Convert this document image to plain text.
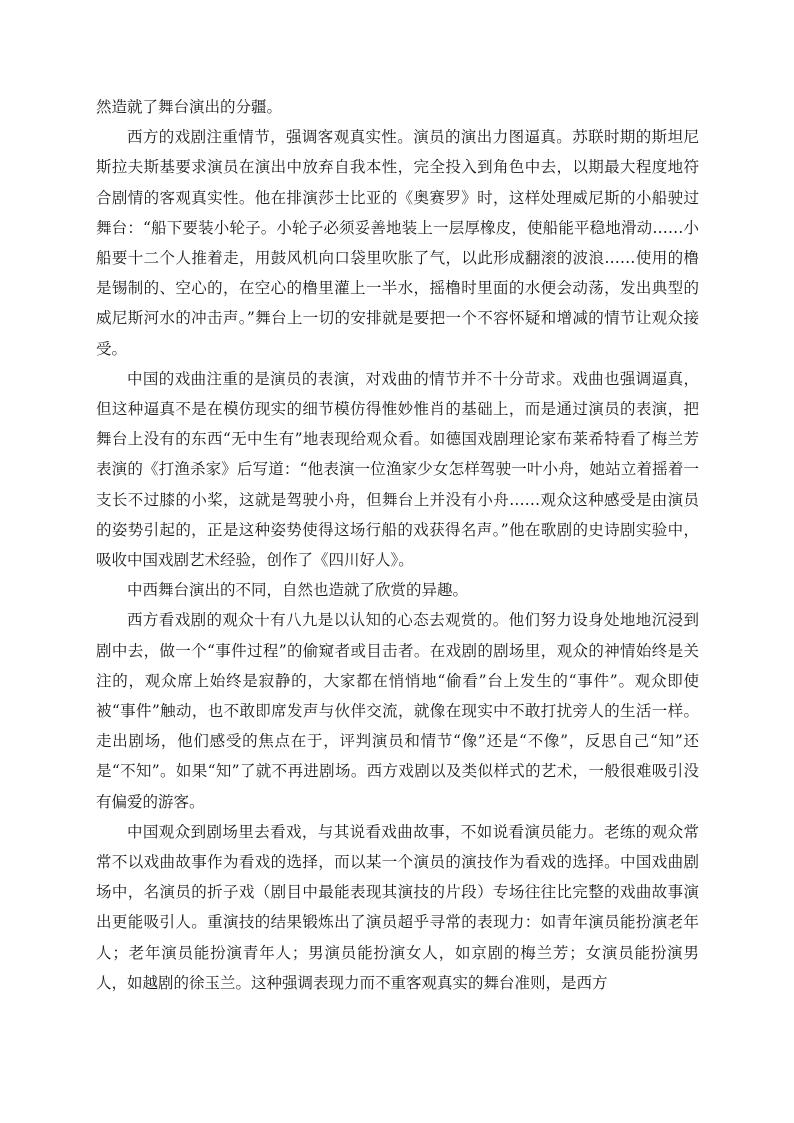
然造就了舞台演出的分疆。

西方的戏剧注重情节，强调客观真实性。演员的演出力图逼真。苏联时期的斯坦尼斯拉夫斯基要求演员在演出中放弃自我本性，完全投入到角色中去，以期最大程度地符合剧情的客观真实性。他在排演莎士比亚的《奥赛罗》时，这样处理威尼斯的小船驶过舞台：“船下要装小轮子。小轮子必须妥善地装上一层厚橡皮，使船能平稳地滑动……小船要十二个人推着走，用鼓风机向口袋里吹胀了气，以此形成翻滚的波浪……使用的橹是锡制的、空心的，在空心的橹里灌上一半水，摇橹时里面的水便会动荡，发出典型的威尼斯河水的冲击声。”舞台上一切的安排就是要把一个不容怀疑和增减的情节让观众接受。

中国的戏曲注重的是演员的表演，对戏曲的情节并不十分苛求。戏曲也强调逼真，但这种逼真不是在模仿现实的细节模仿得惟妙惟肖的基础上，而是通过演员的表演，把舞台上没有的东西“无中生有”地表现给观众看。如德国戏剧理论家布莱希特看了梅兰芳表演的《打渔杀家》后写道：“他表演一位渔家少女怎样驾驶一叶小舟，她站立着摇着一支长不过膝的小桨，这就是驾驶小舟，但舞台上并没有小舟……观众这种感受是由演员的姿势引起的，正是这种姿势使得这场行船的戏获得名声。”他在歌剧的史诗剧实验中，吸收中国戏剧艺术经验，创作了《四川好人》。

中西舞台演出的不同，自然也造就了欣赏的异趣。

西方看戏剧的观众十有八九是以认知的心态去观赏的。他们努力设身处地地沉浸到剧中去，做一个“事件过程”的偷窥者或目击者。在戏剧的剧场里，观众的神情始终是关注的，观众席上始终是寂静的，大家都在悄悄地“偷看”台上发生的“事件”。观众即使被“事件”触动，也不敢即席发声与伙伴交流，就像在现实中不敢打扰旁人的生活一样。走出剧场，他们感受的焦点在于，评判演员和情节“像”还是“不像”，反思自己“知”还是“不知”。如果“知”了就不再进剧场。西方戏剧以及类似样式的艺术，一般很难吸引没有偏爱的游客。

中国观众到剧场里去看戏，与其说看戏曲故事，不如说看演员能力。老练的观众常常不以戏曲故事作为看戏的选择，而以某一个演员的演技作为看戏的选择。中国戏曲剧场中，名演员的折子戏（剧目中最能表现其演技的片段）专场往往比完整的戏曲故事演出更能吸引人。重演技的结果锻炼出了演员超乎寻常的表现力：如青年演员能扮演老年人；老年演员能扮演青年人；男演员能扮演女人，如京剧的梅兰芳；女演员能扮演男人，如越剧的徐玉兰。这种强调表现力而不重客观真实的舞台准则，是西方
